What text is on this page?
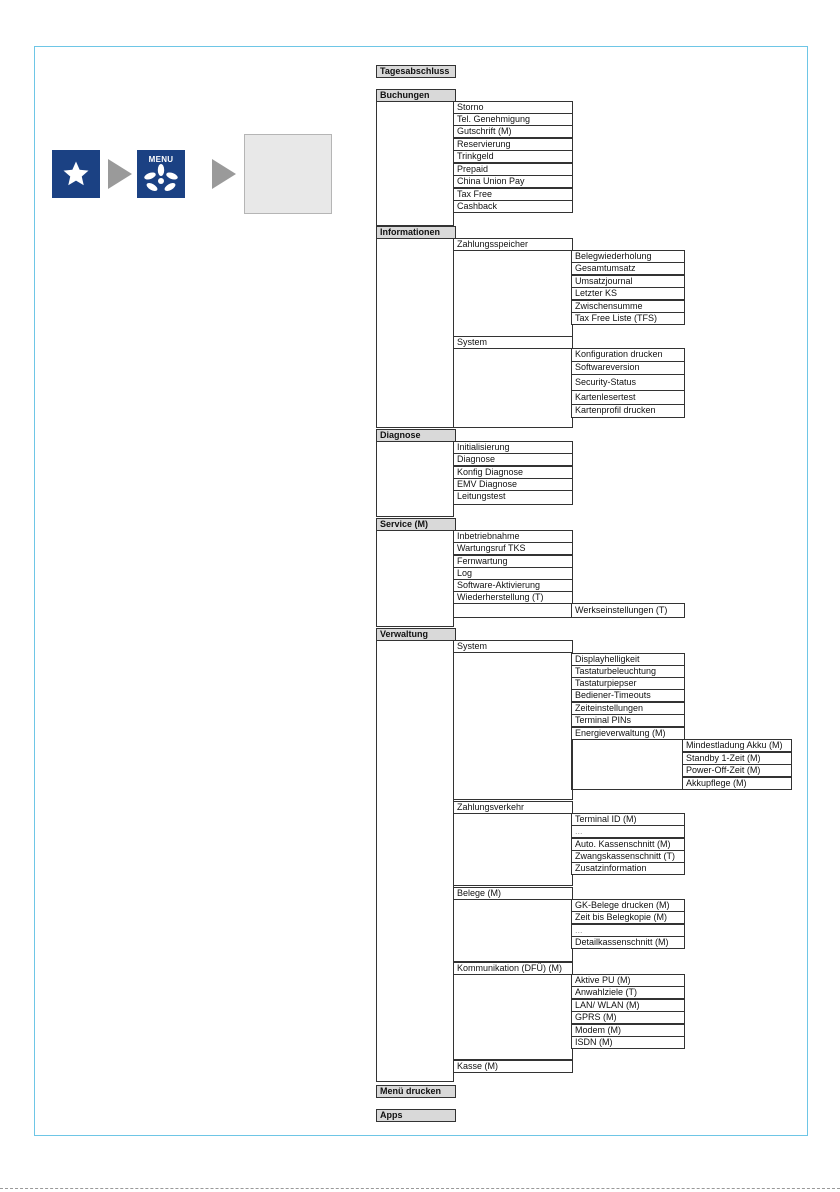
MENU
Tagesabschluss
Buchungen
Storno
Tel. Genehmigung
Gutschrift (M)
Reservierung
Trinkgeld
Prepaid
China Union Pay
Tax Free
Cashback
Informationen
Zahlungsspeicher
Belegwiederholung
Gesamtumsatz
Umsatzjournal
Letzter KS
Zwischensumme
Tax Free Liste (TFS)
System
Konfiguration drucken
Softwareversion
Security-Status
Kartenlesertest
Kartenprofil drucken
Diagnose
Initialisierung
Diagnose
Konfig Diagnose
EMV Diagnose
Leitungstest
Service (M)
Inbetriebnahme
Wartungsruf TKS
Fernwartung
Log
Software-Aktivierung
Wiederherstellung (T)
Werkseinstellungen (T)
Verwaltung
System
Displayhelligkeit
Tastaturbeleuchtung
Tastaturpiepser
Bediener-Timeouts
Zeiteinstellungen
Terminal PINs
Energieverwaltung (M)
Mindestladung Akku (M)
Standby 1-Zeit (M)
Power-Off-Zeit (M)
Akkupflege (M)
Zahlungsverkehr
Terminal ID (M)
...
Auto. Kassenschnitt (M)
Zwangskassenschnitt (T)
Zusatzinformation
Belege (M)
GK-Belege drucken (M)
Zeit bis Belegkopie (M)
...
Detailkassenschnitt (M)
Kommunikation (DFÜ) (M)
Aktive PU (M)
Anwahlziele (T)
LAN/ WLAN (M)
GPRS (M)
Modem (M)
ISDN (M)
Kasse (M)
Menü drucken
Apps
